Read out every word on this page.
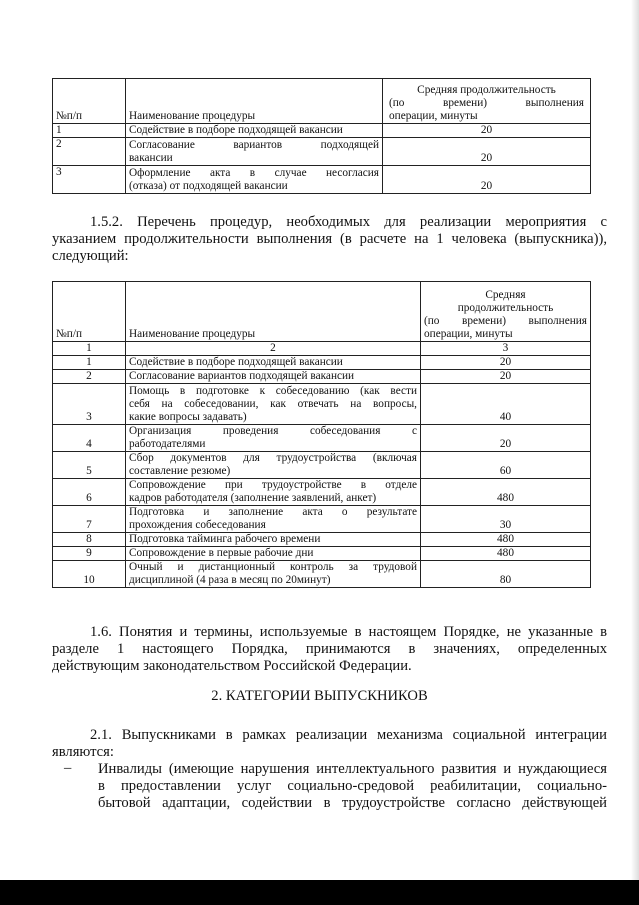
№п/п	Наименование процедуры	Средняя продолжительность
(по времени) выполнения
операции, минуты

1	Содействие в подборе подходящей вакансии	20
2	Согласование вариантов подходящей
вакансии	20
3	Оформление акта в случае несогласия
(отказа) от подходящей вакансии	20
1.5.2. Перечень процедур, необходимых для реализации мероприятия с
указанием продолжительности выполнения (в расчете на 1 человека (выпускника)),
следующий:
№п/п	Наименование процедуры	Средняя
продолжительность
(по времени) выполнения
операции, минуты

1	2	3
1	Содействие в подборе подходящей вакансии	20
2	Согласование вариантов подходящей вакансии	20
3	Помощь в подготовке к собеседованию (как вести
себя на собеседовании, как отвечать на вопросы,
какие вопросы задавать)	40
4	Организация проведения собеседования с
работодателями	20
5	Сбор документов для трудоустройства (включая
составление резюме)	60
6	Сопровождение при трудоустройстве в отделе
кадров работодателя (заполнение заявлений, анкет)	480
7	Подготовка и заполнение акта о результате
прохождения собеседования	30
8	Подготовка тайминга рабочего времени	480
9	Сопровождение в первые рабочие дни	480
10	Очный и дистанционный контроль за трудовой
дисциплиной (4 раза в месяц по 20минут)	80
1.6. Понятия и термины, используемые в настоящем Порядке, не указанные в
разделе 1 настоящего Порядка, принимаются в значениях, определенных
действующим законодательством Российской Федерации.
2. КАТЕГОРИИ ВЫПУСКНИКОВ
2.1. Выпускниками в рамках реализации механизма социальной интеграции
являются:
– Инвалиды (имеющие нарушения интеллектуального развития и нуждающиеся
в предоставлении услуг социально-средовой реабилитации, социально-
бытовой адаптации, содействии в трудоустройстве согласно действующей
